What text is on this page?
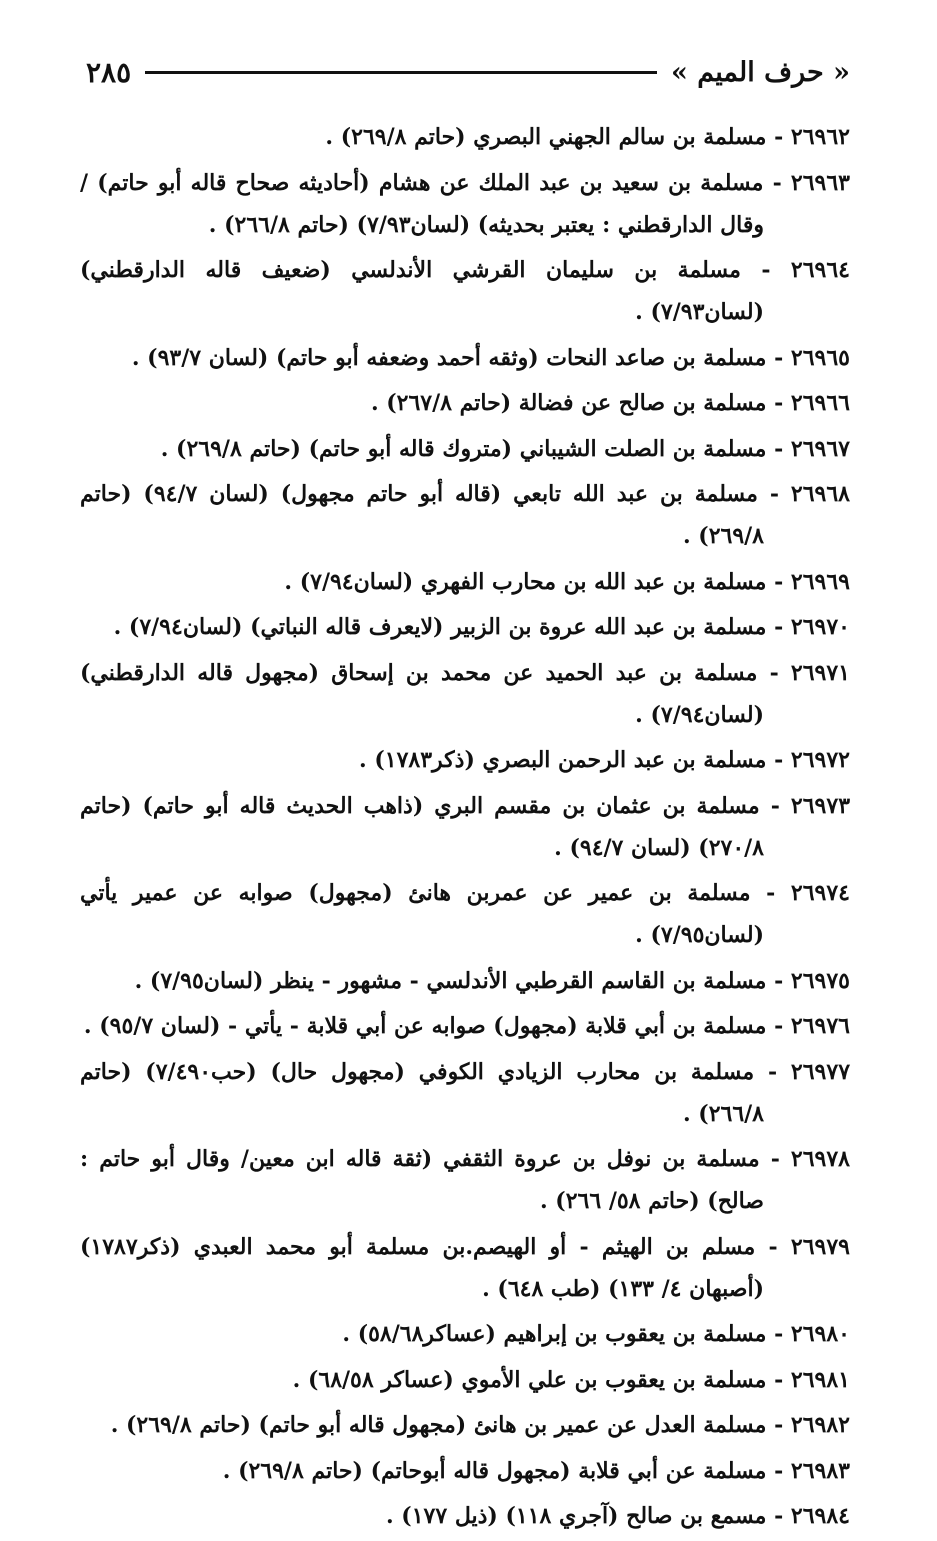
« حرف الميم »
٢٨٥

٢٦٩٦٢ - مسلمة بن سالم الجهني البصري (حاتم ٢٦٩/٨) .

٢٦٩٦٣ - مسلمة بن سعيد بن عبد الملك عن هشام (أحاديثه صحاح قاله أبو حاتم) / وقال الدارقطني : يعتبر بحديثه) (لسان٧/٩٣) (حاتم ٢٦٦/٨) .

٢٦٩٦٤ - مسلمة بن سليمان القرشي الأندلسي (ضعيف قاله الدارقطني) (لسان٧/٩٣) .

٢٦٩٦٥ - مسلمة بن صاعد النحات (وثقه أحمد وضعفه أبو حاتم) (لسان ٩٣/٧) .

٢٦٩٦٦ - مسلمة بن صالح عن فضالة (حاتم ٢٦٧/٨) .

٢٦٩٦٧ - مسلمة بن الصلت الشيباني (متروك قاله أبو حاتم) (حاتم ٢٦٩/٨) .

٢٦٩٦٨ - مسلمة بن عبد الله تابعي (قاله أبو حاتم مجهول) (لسان ٩٤/٧) (حاتم ٢٦٩/٨) .

٢٦٩٦٩ - مسلمة بن عبد الله بن محارب الفهري (لسان٧/٩٤) .

٢٦٩٧٠ - مسلمة بن عبد الله عروة بن الزبير (لايعرف قاله النباتي) (لسان٧/٩٤) .

٢٦٩٧١ - مسلمة بن عبد الحميد عن محمد بن إسحاق (مجهول قاله الدارقطني) (لسان٧/٩٤) .

٢٦٩٧٢ - مسلمة بن عبد الرحمن البصري (ذكر١٧٨٣) .

٢٦٩٧٣ - مسلمة بن عثمان بن مقسم البري (ذاهب الحديث قاله أبو حاتم) (حاتم ٢٧٠/٨) (لسان ٩٤/٧) .

٢٦٩٧٤ - مسلمة بن عمير عن عمربن هانئ (مجهول) صوابه عن عمير يأتي (لسان٧/٩٥) .

٢٦٩٧٥ - مسلمة بن القاسم القرطبي الأندلسي - مشهور - ينظر (لسان٧/٩٥) .

٢٦٩٧٦ - مسلمة بن أبي قلابة (مجهول) صوابه عن أبي قلابة - يأتي - (لسان ٩٥/٧) .

٢٦٩٧٧ - مسلمة بن محارب الزيادي الكوفي (مجهول حال) (حب٧/٤٩٠) (حاتم ٢٦٦/٨) .

٢٦٩٧٨ - مسلمة بن نوفل بن عروة الثقفي (ثقة قاله ابن معين/ وقال أبو حاتم : صالح) (حاتم ٥٨/ ٢٦٦) .

٢٦٩٧٩ - مسلم بن الهيثم - أو الهيصم.بن مسلمة أبو محمد العبدي (ذكر١٧٨٧) (أصبهان ٤/ ١٣٣) (طب ٦٤٨) .

٢٦٩٨٠ - مسلمة بن يعقوب بن إبراهيم (عساكر٥٨/٦٨) .

٢٦٩٨١ - مسلمة بن يعقوب بن علي الأموي (عساكر ٦٨/٥٨) .

٢٦٩٨٢ - مسلمة العدل عن عمير بن هانئ (مجهول قاله أبو حاتم) (حاتم ٢٦٩/٨) .

٢٦٩٨٣ - مسلمة عن أبي قلابة (مجهول قاله أبوحاتم) (حاتم ٢٦٩/٨) .

٢٦٩٨٤ - مسمع بن صالح (آجري ١١٨) (ذيل ١٧٧) .
